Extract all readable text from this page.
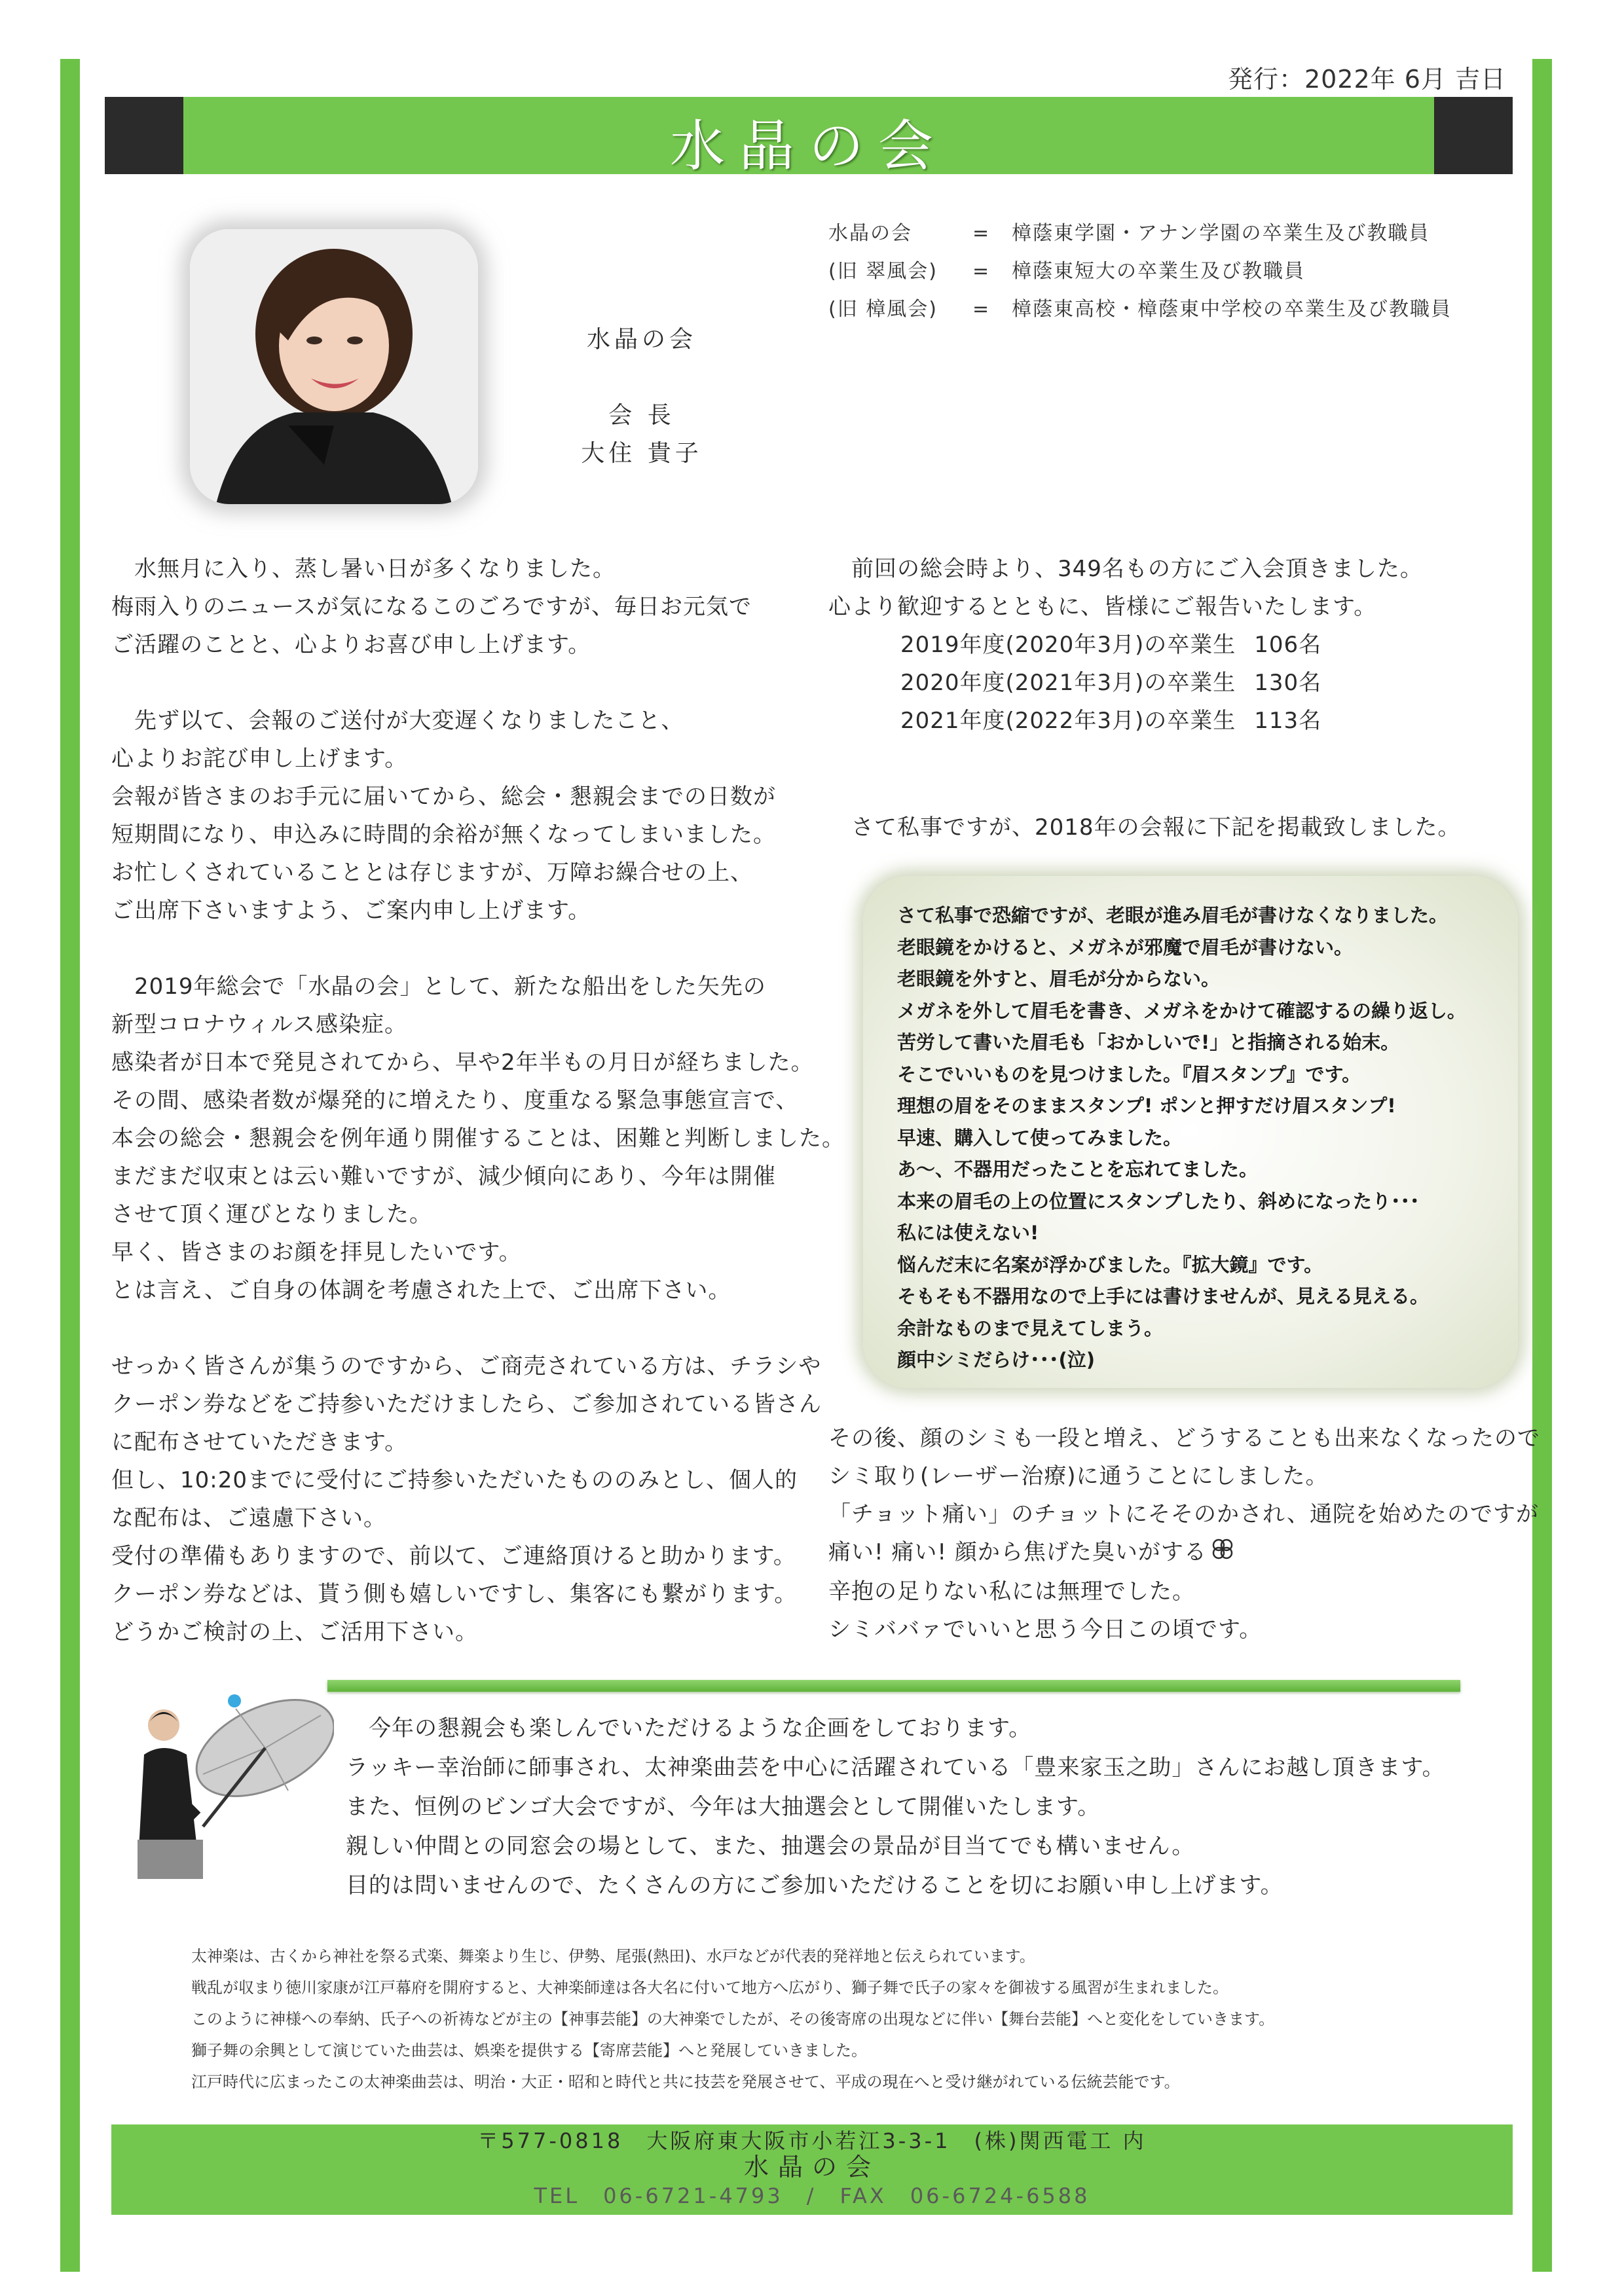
発行：2022年 6月 吉日
水晶の会
水晶の会
会 長
大住 貴子
水晶の会	= 樟蔭東学園・アナン学園の卒業生及び教職員
(旧 翠風会) = 樟蔭東短大の卒業生及び教職員
(旧 樟風会) = 樟蔭東高校・樟蔭東中学校の卒業生及び教職員

　水無月に入り、蒸し暑い日が多くなりました。

梅雨入りのニュースが気になるこのごろですが、毎日お元気で

ご活躍のことと、心よりお喜び申し上げます。

　先ず以て、会報のご送付が大変遅くなりましたこと、

心よりお詫び申し上げます。

会報が皆さまのお手元に届いてから、総会・懇親会までの日数が

短期間になり、申込みに時間的余裕が無くなってしまいました。

お忙しくされていることとは存じますが、万障お繰合せの上、

ご出席下さいますよう、ご案内申し上げます。

　2019年総会で「水晶の会」として、新たな船出をした矢先の

新型コロナウィルス感染症。

感染者が日本で発見されてから、早や2年半もの月日が経ちました。

その間、感染者数が爆発的に増えたり、度重なる緊急事態宣言で、

本会の総会・懇親会を例年通り開催することは、困難と判断しました。

まだまだ収束とは云い難いですが、減少傾向にあり、今年は開催

させて頂く運びとなりました。

早く、皆さまのお顔を拝見したいです。

とは言え、ご自身の体調を考慮された上で、ご出席下さい。

せっかく皆さんが集うのですから、ご商売されている方は、チラシや

クーポン券などをご持参いただけましたら、ご参加されている皆さん

に配布させていただきます。

但し、10:20までに受付にご持参いただいたもののみとし、個人的

な配布は、ご遠慮下さい。

受付の準備もありますので、前以て、ご連絡頂けると助かります。

クーポン券などは、貰う側も嬉しいですし、集客にも繋がります。

どうかご検討の上、ご活用下さい。

　前回の総会時より、349名もの方にご入会頂きました。

心より歓迎するとともに、皆様にご報告いたします。

2019年度(2020年3月)の卒業生 106名
2020年度(2021年3月)の卒業生 130名
2021年度(2022年3月)の卒業生 113名

　さて私事ですが、2018年の会報に下記を掲載致しました。

さて私事で恐縮ですが、老眼が進み眉毛が書けなくなりました。

老眼鏡をかけると、メガネが邪魔で眉毛が書けない。

老眼鏡を外すと、眉毛が分からない。

メガネを外して眉毛を書き、メガネをかけて確認するの繰り返し。

苦労して書いた眉毛も「おかしいで!」と指摘される始末。

そこでいいものを見つけました。『眉スタンプ』です。

理想の眉をそのままスタンプ! ポンと押すだけ眉スタンプ!

早速、購入して使ってみました。

あ～、不器用だったことを忘れてました。

本来の眉毛の上の位置にスタンプしたり、斜めになったり･･･

私には使えない!

悩んだ末に名案が浮かびました。『拡大鏡』です。

そもそも不器用なので上手には書けませんが、見える見える。

余計なものまで見えてしまう。

顔中シミだらけ･･･(泣)

その後、顔のシミも一段と増え、どうすることも出来なくなったので

シミ取り(レーザー治療)に通うことにしました。

「チョット痛い」のチョットにそそのかされ、通院を始めたのですが

痛い! 痛い! 顔から焦げた臭いがする

辛抱の足りない私には無理でした。

シミババァでいいと思う今日この頃です。

　今年の懇親会も楽しんでいただけるような企画をしております。

ラッキー幸治師に師事され、太神楽曲芸を中心に活躍されている「豊来家玉之助」さんにお越し頂きます。

また、恒例のビンゴ大会ですが、今年は大抽選会として開催いたします。

親しい仲間との同窓会の場として、また、抽選会の景品が目当てでも構いません。

目的は問いませんので、たくさんの方にご参加いただけることを切にお願い申し上げます。

太神楽は、古くから神社を祭る式楽、舞楽より生じ、伊勢、尾張(熱田)、水戸などが代表的発祥地と伝えられています。

戦乱が収まり徳川家康が江戸幕府を開府すると、大神楽師達は各大名に付いて地方へ広がり、獅子舞で氏子の家々を御祓する風習が生まれました。

このように神様への奉納、氏子への祈祷などが主の【神事芸能】の大神楽でしたが、その後寄席の出現などに伴い【舞台芸能】へと変化をしていきます。

獅子舞の余興として演じていた曲芸は、娯楽を提供する【寄席芸能】へと発展していきました。

江戸時代に広まったこの太神楽曲芸は、明治・大正・昭和と時代と共に技芸を発展させて、平成の現在へと受け継がれている伝統芸能です。

〒577-0818　大阪府東大阪市小若江3-3-1　(株)関西電工 内
水晶の会
TEL　06-6721-4793　/　FAX　06-6724-6588
